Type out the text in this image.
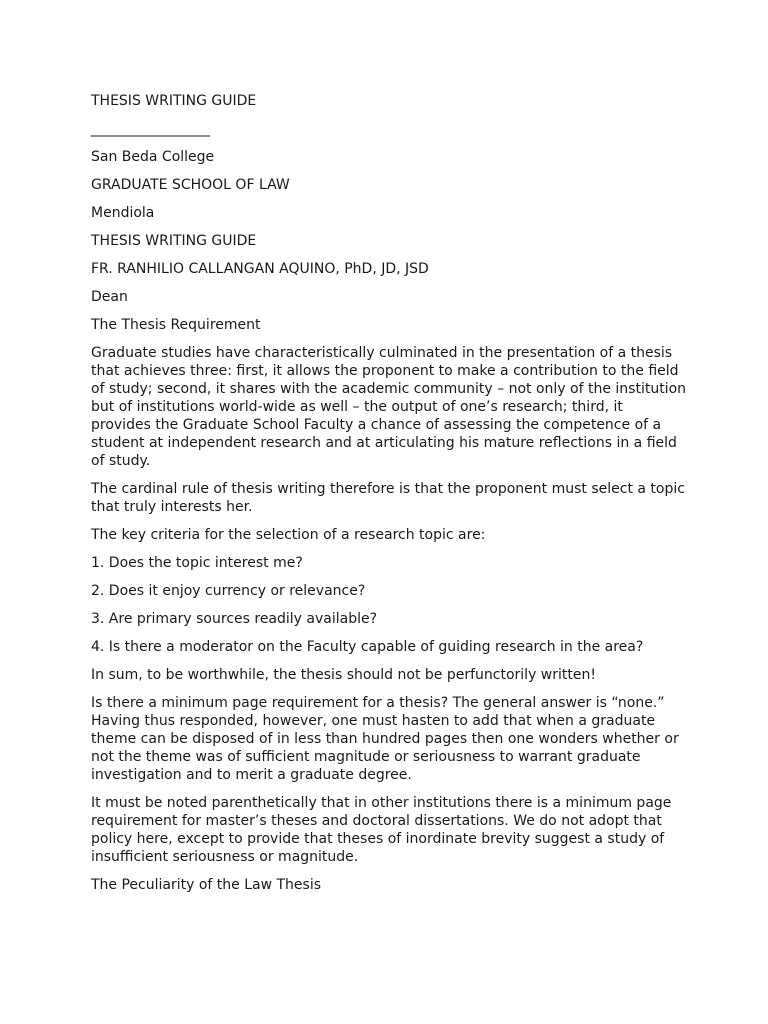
THESIS WRITING GUIDE
_________________
San Beda College
GRADUATE SCHOOL OF LAW
Mendiola
THESIS WRITING GUIDE
FR. RANHILIO CALLANGAN AQUINO, PhD, JD, JSD
Dean
The Thesis Requirement
Graduate studies have characteristically culminated in the presentation of a thesis
that achieves three: first, it allows the proponent to make a contribution to the field
of study; second, it shares with the academic community – not only of the institution
but of institutions world-wide as well – the output of one’s research; third, it
provides the Graduate School Faculty a chance of assessing the competence of a
student at independent research and at articulating his mature reflections in a field
of study.
The cardinal rule of thesis writing therefore is that the proponent must select a topic
that truly interests her.
The key criteria for the selection of a research topic are:
1. Does the topic interest me?
2. Does it enjoy currency or relevance?
3. Are primary sources readily available?
4. Is there a moderator on the Faculty capable of guiding research in the area?
In sum, to be worthwhile, the thesis should not be perfunctorily written!
Is there a minimum page requirement for a thesis? The general answer is “none.”
Having thus responded, however, one must hasten to add that when a graduate
theme can be disposed of in less than hundred pages then one wonders whether or
not the theme was of sufficient magnitude or seriousness to warrant graduate
investigation and to merit a graduate degree.
It must be noted parenthetically that in other institutions there is a minimum page
requirement for master’s theses and doctoral dissertations. We do not adopt that
policy here, except to provide that theses of inordinate brevity suggest a study of
insufficient seriousness or magnitude.
The Peculiarity of the Law Thesis
